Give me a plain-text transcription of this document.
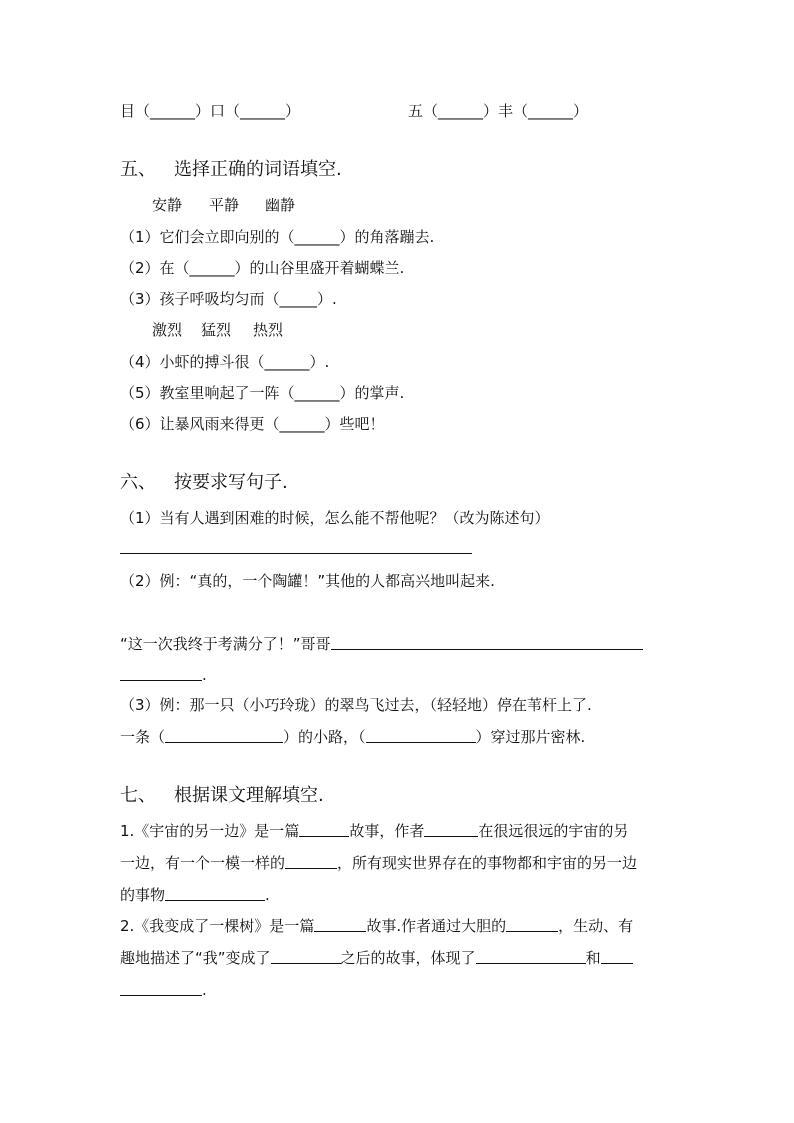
目（______）口（______）	五（______）丰（______）
五、 选择正确的词语填空.
安静 平静 幽静
（1）它们会立即向别的（______）的角落蹦去.
（2）在（______）的山谷里盛开着蝴蝶兰.
（3）孩子呼吸均匀而（_____）.
激烈 猛烈 热烈
（4）小虾的搏斗很（______）.
（5）教室里响起了一阵（______）的掌声.
（6）让暴风雨来得更（______）些吧！
六、 按要求写句子.
（1）当有人遇到困难的时候，怎么能不帮他呢？（改为陈述句）
（2）例：“真的，一个陶罐！”其他的人都高兴地叫起来.
“这一次我终于考满分了！”哥哥
.
（3）例：那一只（小巧玲珑）的翠鸟飞过去，（轻轻地）停在苇杆上了.
一条（	）的小路，（	）穿过那片密林.
七、 根据课文理解填空.
1.《宇宙的另一边》是一篇	故事，作者	在很远很远的宇宙的另
一边，有一个一模一样的	，所有现实世界存在的事物都和宇宙的另一边
的事物	.
2.《我变成了一棵树》是一篇	故事.作者通过大胆的	，生动、有
趣地描述了“我”变成了	之后的故事，体现了	和
.
